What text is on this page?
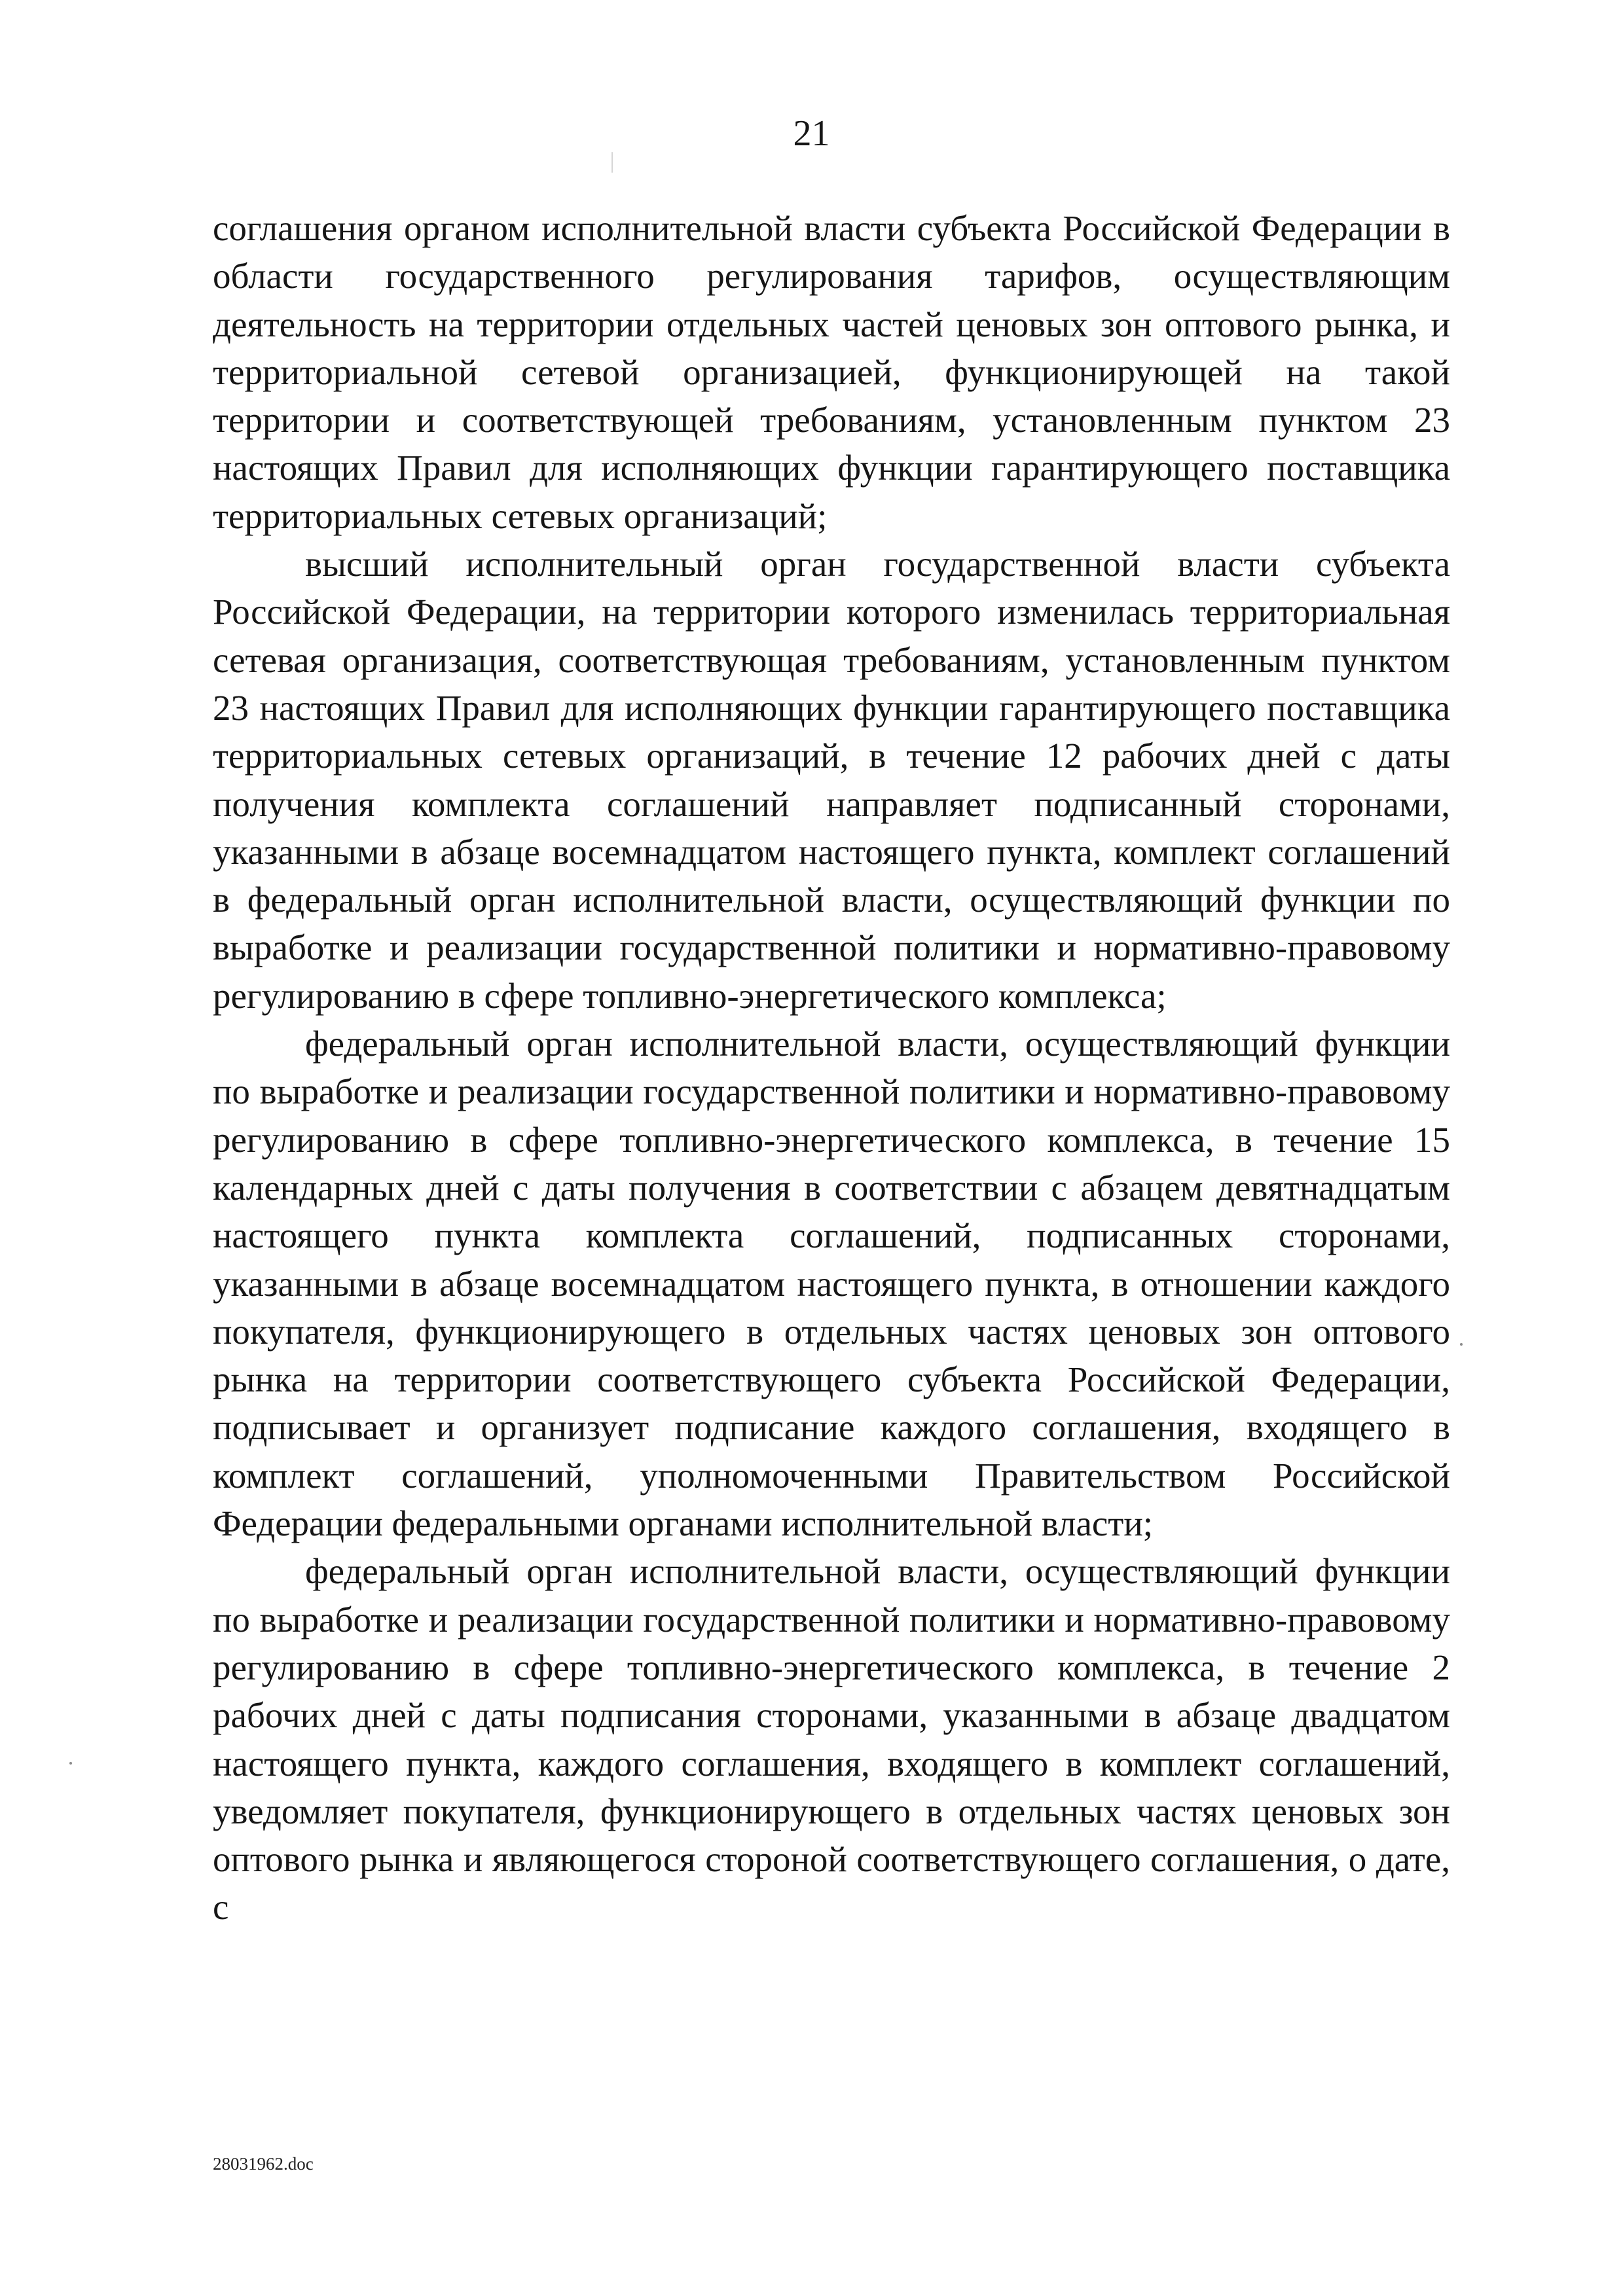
21

соглашения органом исполнительной власти субъекта Российской Федерации в области государственного регулирования тарифов, осуществляющим деятельность на территории отдельных частей ценовых зон оптового рынка, и территориальной сетевой организацией, функционирующей на такой территории и соответствующей требованиям, установленным пунктом 23 настоящих Правил для исполняющих функции гарантирующего поставщика территориальных сетевых организаций;

высший исполнительный орган государственной власти субъекта Российской Федерации, на территории которого изменилась территориальная сетевая организация, соответствующая требованиям, установленным пунктом 23 настоящих Правил для исполняющих функции гарантирующего поставщика территориальных сетевых организаций, в течение 12 рабочих дней с даты получения комплекта соглашений направляет подписанный сторонами, указанными в абзаце восемнадцатом настоящего пункта, комплект соглашений в федеральный орган исполнительной власти, осуществляющий функции по выработке и реализации государственной политики и нормативно-правовому регулированию в сфере топливно-энергетического комплекса;

федеральный орган исполнительной власти, осуществляющий функции по выработке и реализации государственной политики и нормативно-правовому регулированию в сфере топливно-энергетического комплекса, в течение 15 календарных дней с даты получения в соответствии с абзацем девятнадцатым настоящего пункта комплекта соглашений, подписанных сторонами, указанными в абзаце восемнадцатом настоящего пункта, в отношении каждого покупателя, функционирующего в отдельных частях ценовых зон оптового рынка на территории соответствующего субъекта Российской Федерации, подписывает и организует подписание каждого соглашения, входящего в комплект соглашений, уполномоченными Правительством Российской Федерации федеральными органами исполнительной власти;

федеральный орган исполнительной власти, осуществляющий функции по выработке и реализации государственной политики и нормативно-правовому регулированию в сфере топливно-энергетического комплекса, в течение 2 рабочих дней с даты подписания сторонами, указанными в абзаце двадцатом настоящего пункта, каждого соглашения, входящего в комплект соглашений, уведомляет покупателя, функционирующего в отдельных частях ценовых зон оптового рынка и являющегося стороной соответствующего соглашения, о дате, с

28031962.doc
